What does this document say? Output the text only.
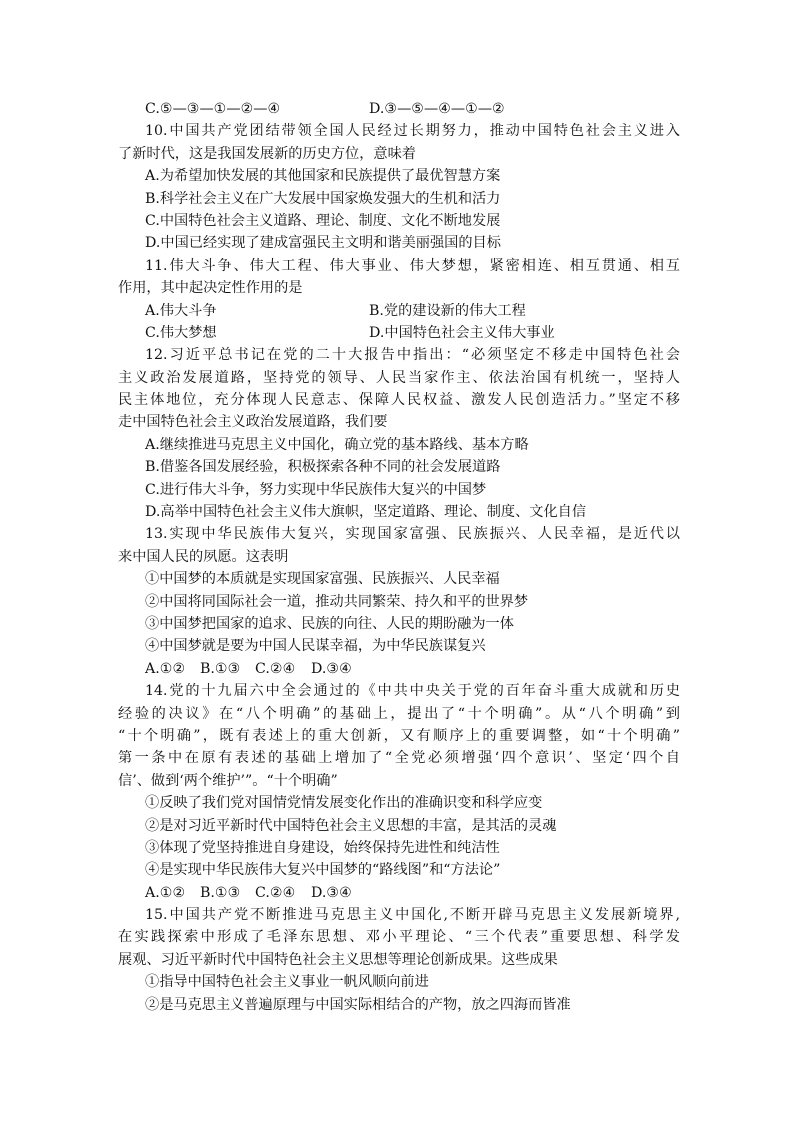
C.⑤—③—①—②—④	D.③—⑤—④—①—②
10.中国共产党团结带领全国人民经过长期努力，推动中国特色社会主义进入
了新时代，这是我国发展新的历史方位，意味着
A.为希望加快发展的其他国家和民族提供了最优智慧方案
B.科学社会主义在广大发展中国家焕发强大的生机和活力
C.中国特色社会主义道路、理论、制度、文化不断地发展
D.中国已经实现了建成富强民主文明和谐美丽强国的目标
11.伟大斗争、伟大工程、伟大事业、伟大梦想，紧密相连、相互贯通、相互
作用，其中起决定性作用的是
A.伟大斗争	B.党的建设新的伟大工程
C.伟大梦想	D.中国特色社会主义伟大事业
12.习近平总书记在党的二十大报告中指出：“必须坚定不移走中国特色社会
主义政治发展道路，坚持党的领导、人民当家作主、依法治国有机统一，坚持人
民主体地位，充分体现人民意志、保障人民权益、激发人民创造活力。”坚定不移
走中国特色社会主义政治发展道路，我们要
A.继续推进马克思主义中国化，确立党的基本路线、基本方略
B.借鉴各国发展经验，积极探索各种不同的社会发展道路
C.进行伟大斗争，努力实现中华民族伟大复兴的中国梦
D.高举中国特色社会主义伟大旗帜，坚定道路、理论、制度、文化自信
13.实现中华民族伟大复兴，实现国家富强、民族振兴、人民幸福，是近代以
来中国人民的夙愿。这表明
①中国梦的本质就是实现国家富强、民族振兴、人民幸福
②中国将同国际社会一道，推动共同繁荣、持久和平的世界梦
③中国梦把国家的追求、民族的向往、人民的期盼融为一体
④中国梦就是要为中国人民谋幸福，为中华民族谋复兴
A.①②	B.①③	C.②④	D.③④
14.党的十九届六中全会通过的《中共中央关于党的百年奋斗重大成就和历史
经验的决议》在“八个明确”的基础上，提出了“十个明确”。从“八个明确”到
“十个明确”，既有表述上的重大创新，又有顺序上的重要调整，如“十个明确”
第一条中在原有表述的基础上增加了“全党必须增强‘四个意识’、坚定‘四个自
信’、做到‘两个维护’”。“十个明确”
①反映了我们党对国情党情发展变化作出的准确识变和科学应变
②是对习近平新时代中国特色社会主义思想的丰富，是其活的灵魂
③体现了党坚持推进自身建设，始终保持先进性和纯洁性
④是实现中华民族伟大复兴中国梦的“路线图”和“方法论”
A.①②	B.①③	C.②④	D.③④
15.中国共产党不断推进马克思主义中国化,不断开辟马克思主义发展新境界,
在实践探索中形成了毛泽东思想、邓小平理论、“三个代表”重要思想、科学发
展观、习近平新时代中国特色社会主义思想等理论创新成果。这些成果
①指导中国特色社会主义事业一帆风顺向前进
②是马克思主义普遍原理与中国实际相结合的产物，放之四海而皆准
